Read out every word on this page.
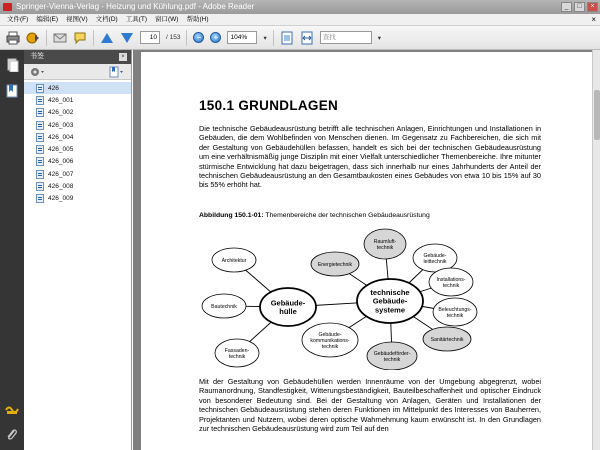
Springer-Vienna-Verlag - Heizung und Kühlung.pdf - Adobe Reader	_	□	×
文件(F)	编辑(E)	视图(V)	文档(D)	工具(T)	窗口(W)	帮助(H)	×
10	/ 153	−	+	104%	▾	查找	▾
书签	×
426
426_001
426_002
426_003
426_004
426_005
426_006
426_007
426_008
426_009
150.1 GRUNDLAGEN
Die technische Gebäudeausrüstung betrifft alle technischen Anlagen, Einrichtungen und Installationen in Gebäuden, die dem Wohlbefinden von Menschen dienen. Im Gegensatz zu Fachbereichen, die sich mit der Gestaltung von Gebäudehüllen befassen, handelt es sich bei der technischen Gebäudeausrüstung um eine verhältnismäßig junge Disziplin mit einer Vielfalt unterschiedlicher Themenbereiche. Ihre mitunter stürmische Entwicklung hat dazu beigetragen, dass sich innerhalb nur eines Jahrhunderts der Anteil der technischen Gebäudeausrüstung an den Gesamtbaukosten eines Gebäudes von etwa 10 bis 15% auf 30 bis 55% erhöht hat.
Abbildung 150.1-01: Themenbereiche der technischen Gebäudeausrüstung
Architektur
Bautechnik
Fassaden-
technik
Energietechnik
Raumluft-
technik
Gebäude-
leittechnik
Installations-
technik
Beleuchtungs-
technik
Sanitärtechnik
Gebäudeförder-
technik
Gebäude-
kommunikations-
technik
Gebäude-
hülle
technische
Gebäude-
systeme
Mit der Gestaltung von Gebäudehüllen werden Innenräume von der Umgebung abgegrenzt, wobei Raumanordnung, Standfestigkeit, Witterungsbeständigkeit, Bauteilbeschaffenheit und optischer Eindruck von besonderer Bedeutung sind. Bei der Gestaltung von Anlagen, Geräten und Installationen der technischen Gebäudeausrüstung stehen deren Funktionen im Mittelpunkt des Interesses von Bauherren, Projektanten und Nutzern, wobei deren optische Wahrnehmung kaum erwünscht ist. In den Grundlagen zur technischen Gebäudeausrüstung wird zum Teil auf den
